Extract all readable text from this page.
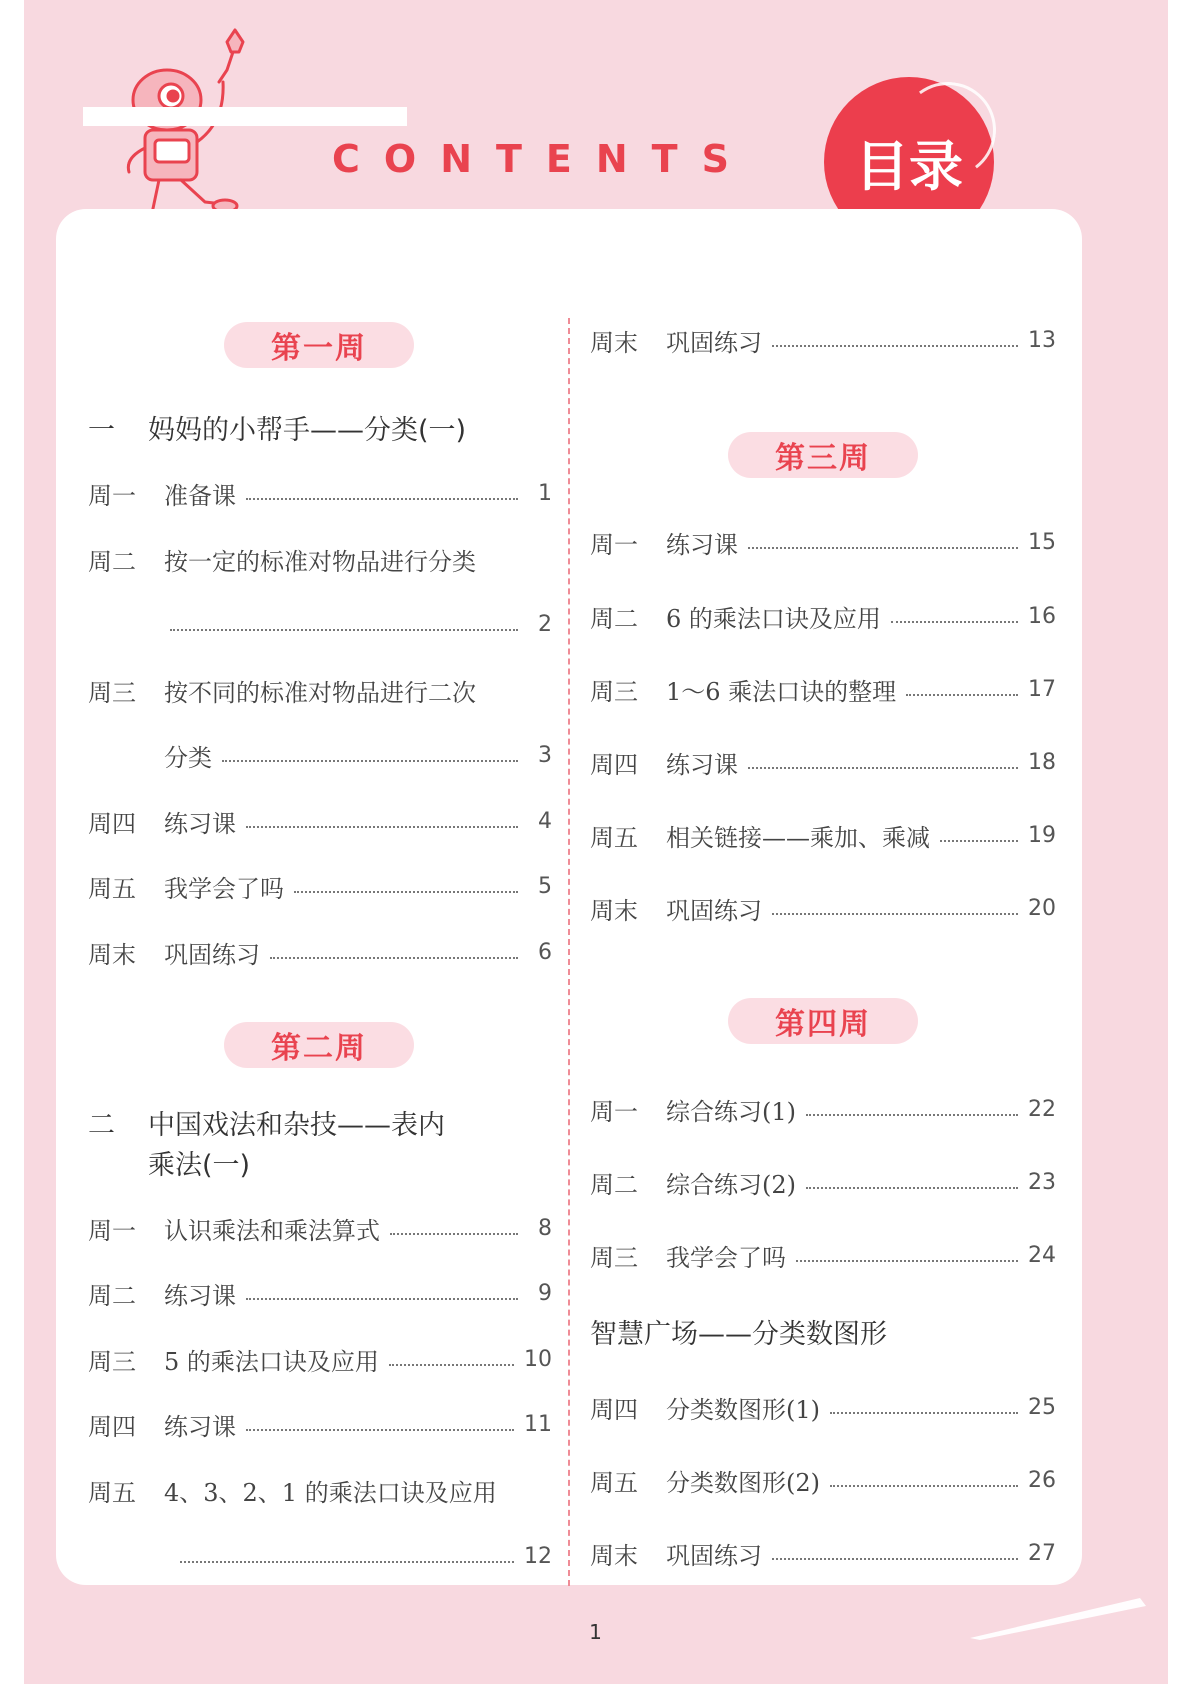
CONTENTS 目录
第一周
一 妈妈的小帮手——分类(一)
周一	准备课	1
周二	按一定的标准对物品进行分类
2
周三	按不同的标准对物品进行二次
分类	3
周四	练习课	4
周五	我学会了吗	5
周末	巩固练习	6
第二周
二 中国戏法和杂技——表内
乘法(一)
周一	认识乘法和乘法算式	8
周二	练习课	9
周三	5 的乘法口诀及应用	10
周四	练习课	11
周五	4、3、2、1 的乘法口诀及应用
12
周末	巩固练习	13
第三周
周一	练习课	15
周二	6 的乘法口诀及应用	16
周三	1～6 乘法口诀的整理	17
周四	练习课	18
周五	相关链接——乘加、乘减	19
周末	巩固练习	20
第四周
周一	综合练习(1)	22
周二	综合练习(2)	23
周三	我学会了吗	24
智慧广场——分类数图形
周四	分类数图形(1)	25
周五	分类数图形(2)	26
周末	巩固练习	27
1
